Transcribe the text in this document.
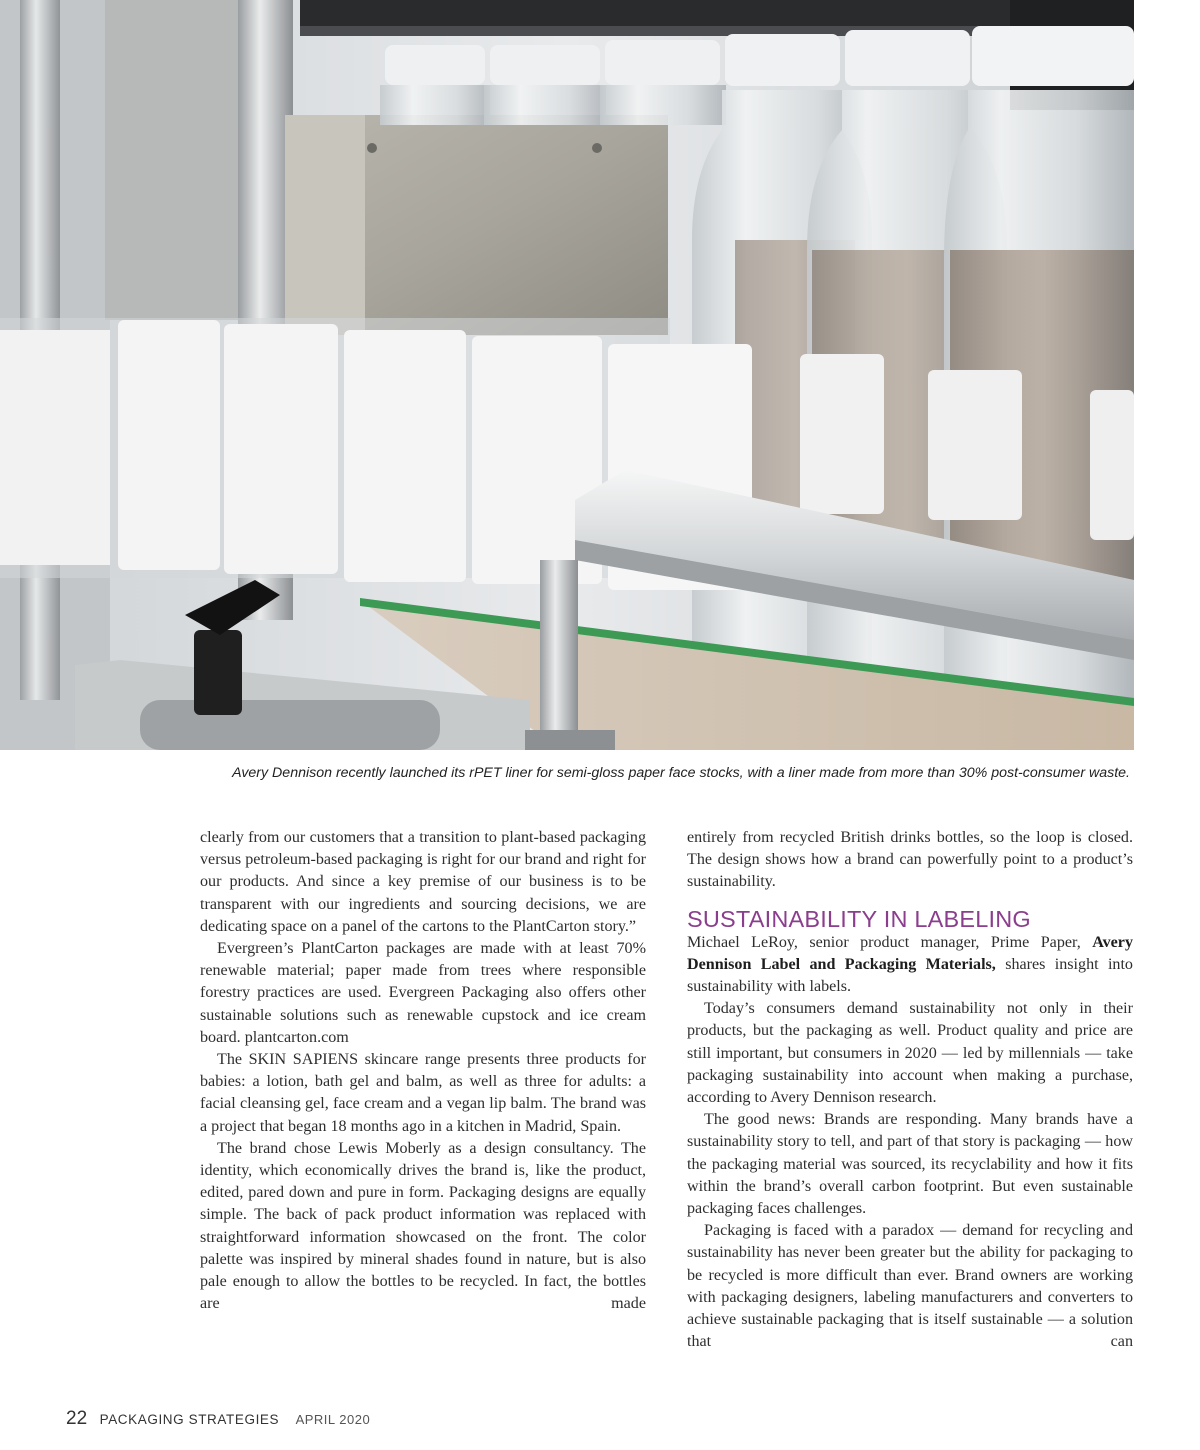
Avery Dennison recently launched its rPET liner for semi-gloss paper face stocks, with a liner made from more than 30% post-consumer waste.

clearly from our customers that a transition to plant-based packaging versus petroleum-based packaging is right for our brand and right for our products. And since a key premise of our business is to be transparent with our ingredients and sourcing decisions, we are dedicating space on a panel of the cartons to the PlantCarton story.”

Evergreen’s PlantCarton packages are made with at least 70% renewable material; paper made from trees where responsible forestry practices are used. Evergreen Packaging also offers other sustainable solutions such as renewable cupstock and ice cream board. plantcarton.com

The SKIN SAPIENS skincare range presents three products for babies: a lotion, bath gel and balm, as well as three for adults: a facial cleansing gel, face cream and a vegan lip balm. The brand was a project that began 18 months ago in a kitchen in Madrid, Spain.

The brand chose Lewis Moberly as a design consultancy. The identity, which economically drives the brand is, like the product, edited, pared down and pure in form. Packaging designs are equally simple. The back of pack product information was replaced with straightforward information showcased on the front. The color palette was inspired by mineral shades found in nature, but is also pale enough to allow the bottles to be recycled. In fact, the bottles are made

entirely from recycled British drinks bottles, so the loop is closed. The design shows how a brand can powerfully point to a product’s sustainability.

SUSTAINABILITY IN LABELING

Michael LeRoy, senior product manager, Prime Paper, Avery Dennison Label and Packaging Materials, shares insight into sustainability with labels.

Today’s consumers demand sustainability not only in their products, but the packaging as well. Product quality and price are still important, but consumers in 2020 — led by millennials — take packaging sustainability into account when making a purchase, according to Avery Dennison research.

The good news: Brands are responding. Many brands have a sustainability story to tell, and part of that story is packaging — how the packaging material was sourced, its recyclability and how it fits within the brand’s overall carbon footprint. But even sustainable packaging faces challenges.

Packaging is faced with a paradox — demand for recycling and sustainability has never been greater but the ability for packaging to be recycled is more difficult than ever. Brand owners are working with packaging designers, labeling manufacturers and converters to achieve sustainable packaging that is itself sustainable — a solution that can

22 PACKAGING STRATEGIES APRIL 2020
